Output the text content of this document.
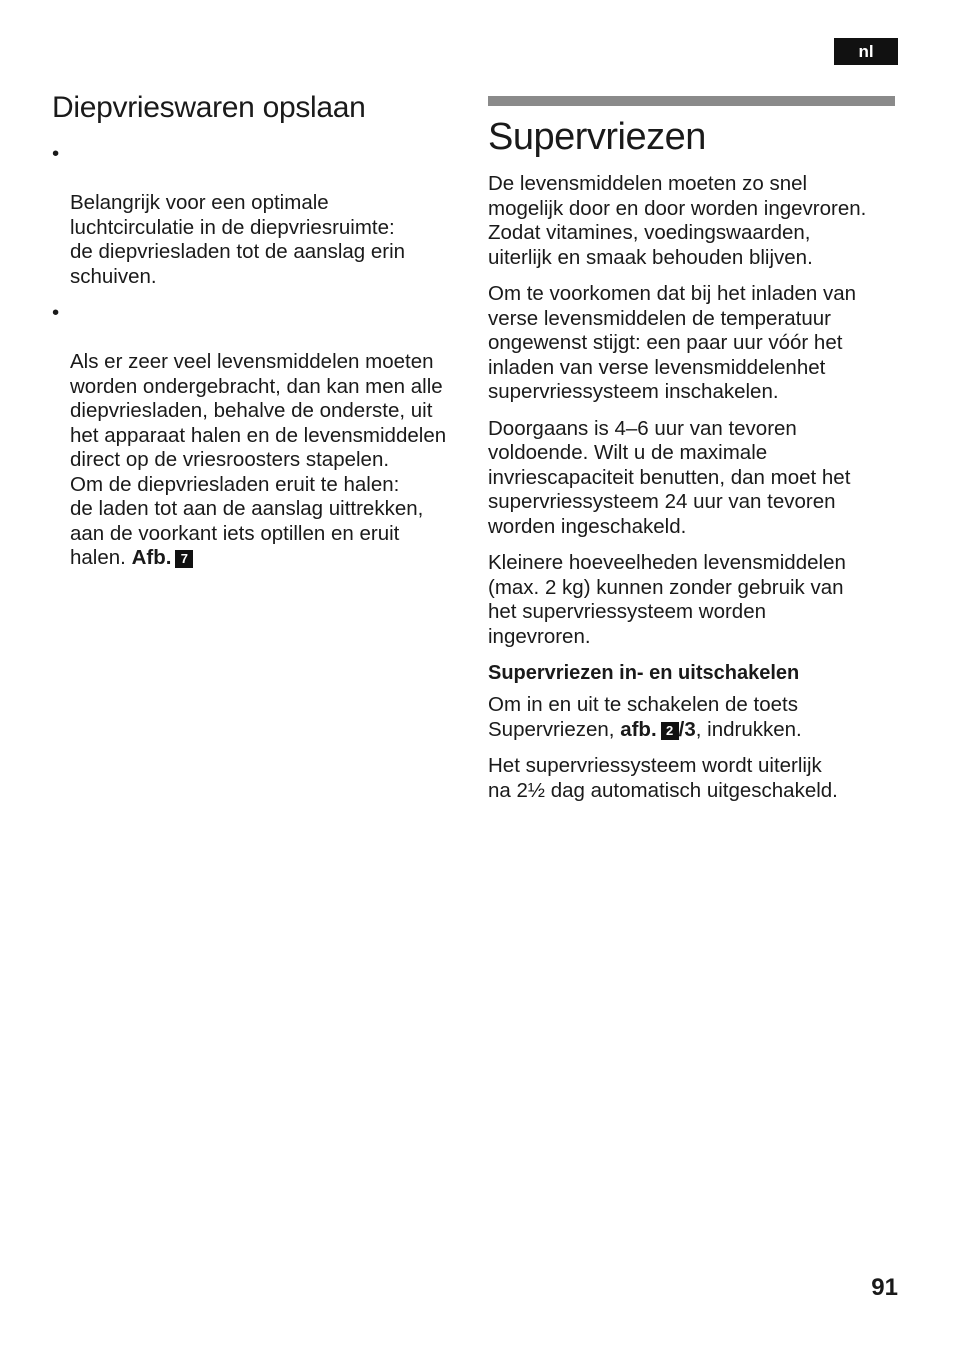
nl
Diepvrieswaren opslaan

•

Belangrijk voor een optimale
luchtcirculatie in de diepvriesruimte:
de diepvriesladen tot de aanslag erin
schuiven.

•

Als er zeer veel levensmiddelen moeten
worden ondergebracht, dan kan men alle
diepvriesladen, behalve de onderste, uit
het apparaat halen en de levensmiddelen
direct op de vriesroosters stapelen.
Om de diepvriesladen eruit te halen:
de laden tot aan de aanslag uittrekken,
aan de voorkant iets optillen en eruit
halen. Afb. 7

Supervriezen

De levensmiddelen moeten zo snel
mogelijk door en door worden ingevroren.
Zodat vitamines, voedingswaarden,
uiterlijk en smaak behouden blijven.

Om te voorkomen dat bij het inladen van
verse levensmiddelen de temperatuur
ongewenst stijgt: een paar uur vóór het
inladen van verse levensmiddelenhet
supervriessysteem inschakelen.

Doorgaans is 4–6 uur van tevoren
voldoende. Wilt u de maximale
invriescapaciteit benutten, dan moet het
supervriessysteem 24 uur van tevoren
worden ingeschakeld.

Kleinere hoeveelheden levensmiddelen
(max. 2 kg) kunnen zonder gebruik van
het supervriessysteem worden
ingevroren.

Supervriezen in- en uitschakelen

Om in en uit te schakelen de toets
Supervriezen, afb. 2 /3, indrukken.

Het supervriessysteem wordt uiterlijk
na 2½ dag automatisch uitgeschakeld.

91
